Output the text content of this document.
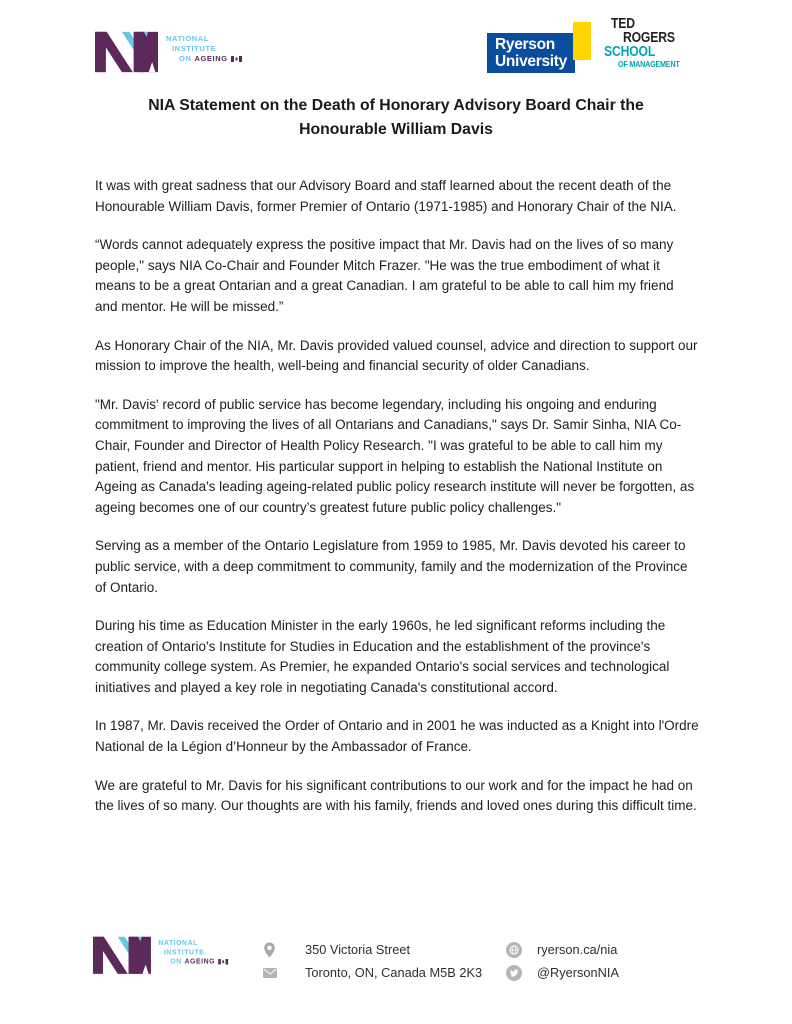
NATIONAL
INSTITUTE
ON AGEING
Ryerson
University
TED
ROGERS
SCHOOL
OF MANAGEMENT
NIA Statement on the Death of Honorary Advisory Board Chair the Honourable William Davis

It was with great sadness that our Advisory Board and staff learned about the recent death of the Honourable William Davis, former Premier of Ontario (1971-1985) and Honorary Chair of the NIA.

“Words cannot adequately express the positive impact that Mr. Davis had on the lives of so many people," says NIA Co-Chair and Founder Mitch Frazer. "He was the true embodiment of what it means to be a great Ontarian and a great Canadian. I am grateful to be able to call him my friend and mentor. He will be missed.”

As Honorary Chair of the NIA, Mr. Davis provided valued counsel, advice and direction to support our mission to improve the health, well-being and financial security of older Canadians.

"Mr. Davis' record of public service has become legendary, including his ongoing and enduring commitment to improving the lives of all Ontarians and Canadians," says Dr. Samir Sinha, NIA Co-Chair, Founder and Director of Health Policy Research. "I was grateful to be able to call him my patient, friend and mentor. His particular support in helping to establish the National Institute on Ageing as Canada's leading ageing-related public policy research institute will never be forgotten, as ageing becomes one of our country’s greatest future public policy challenges."

Serving as a member of the Ontario Legislature from 1959 to 1985, Mr. Davis devoted his career to public service, with a deep commitment to community, family and the modernization of the Province of Ontario.

During his time as Education Minister in the early 1960s, he led significant reforms including the creation of Ontario's Institute for Studies in Education and the establishment of the province's community college system. As Premier, he expanded Ontario's social services and technological initiatives and played a key role in negotiating Canada's constitutional accord.

In 1987, Mr. Davis received the Order of Ontario and in 2001 he was inducted as a Knight into l'Ordre National de la Légion d’Honneur by the Ambassador of France.

We are grateful to Mr. Davis for his significant contributions to our work and for the impact he had on the lives of so many. Our thoughts are with his family, friends and loved ones during this difficult time.

NATIONAL
INSTITUTE
ON AGEING
350 Victoria Street
Toronto, ON, Canada M5B 2K3
ryerson.ca/nia
@RyersonNIA
